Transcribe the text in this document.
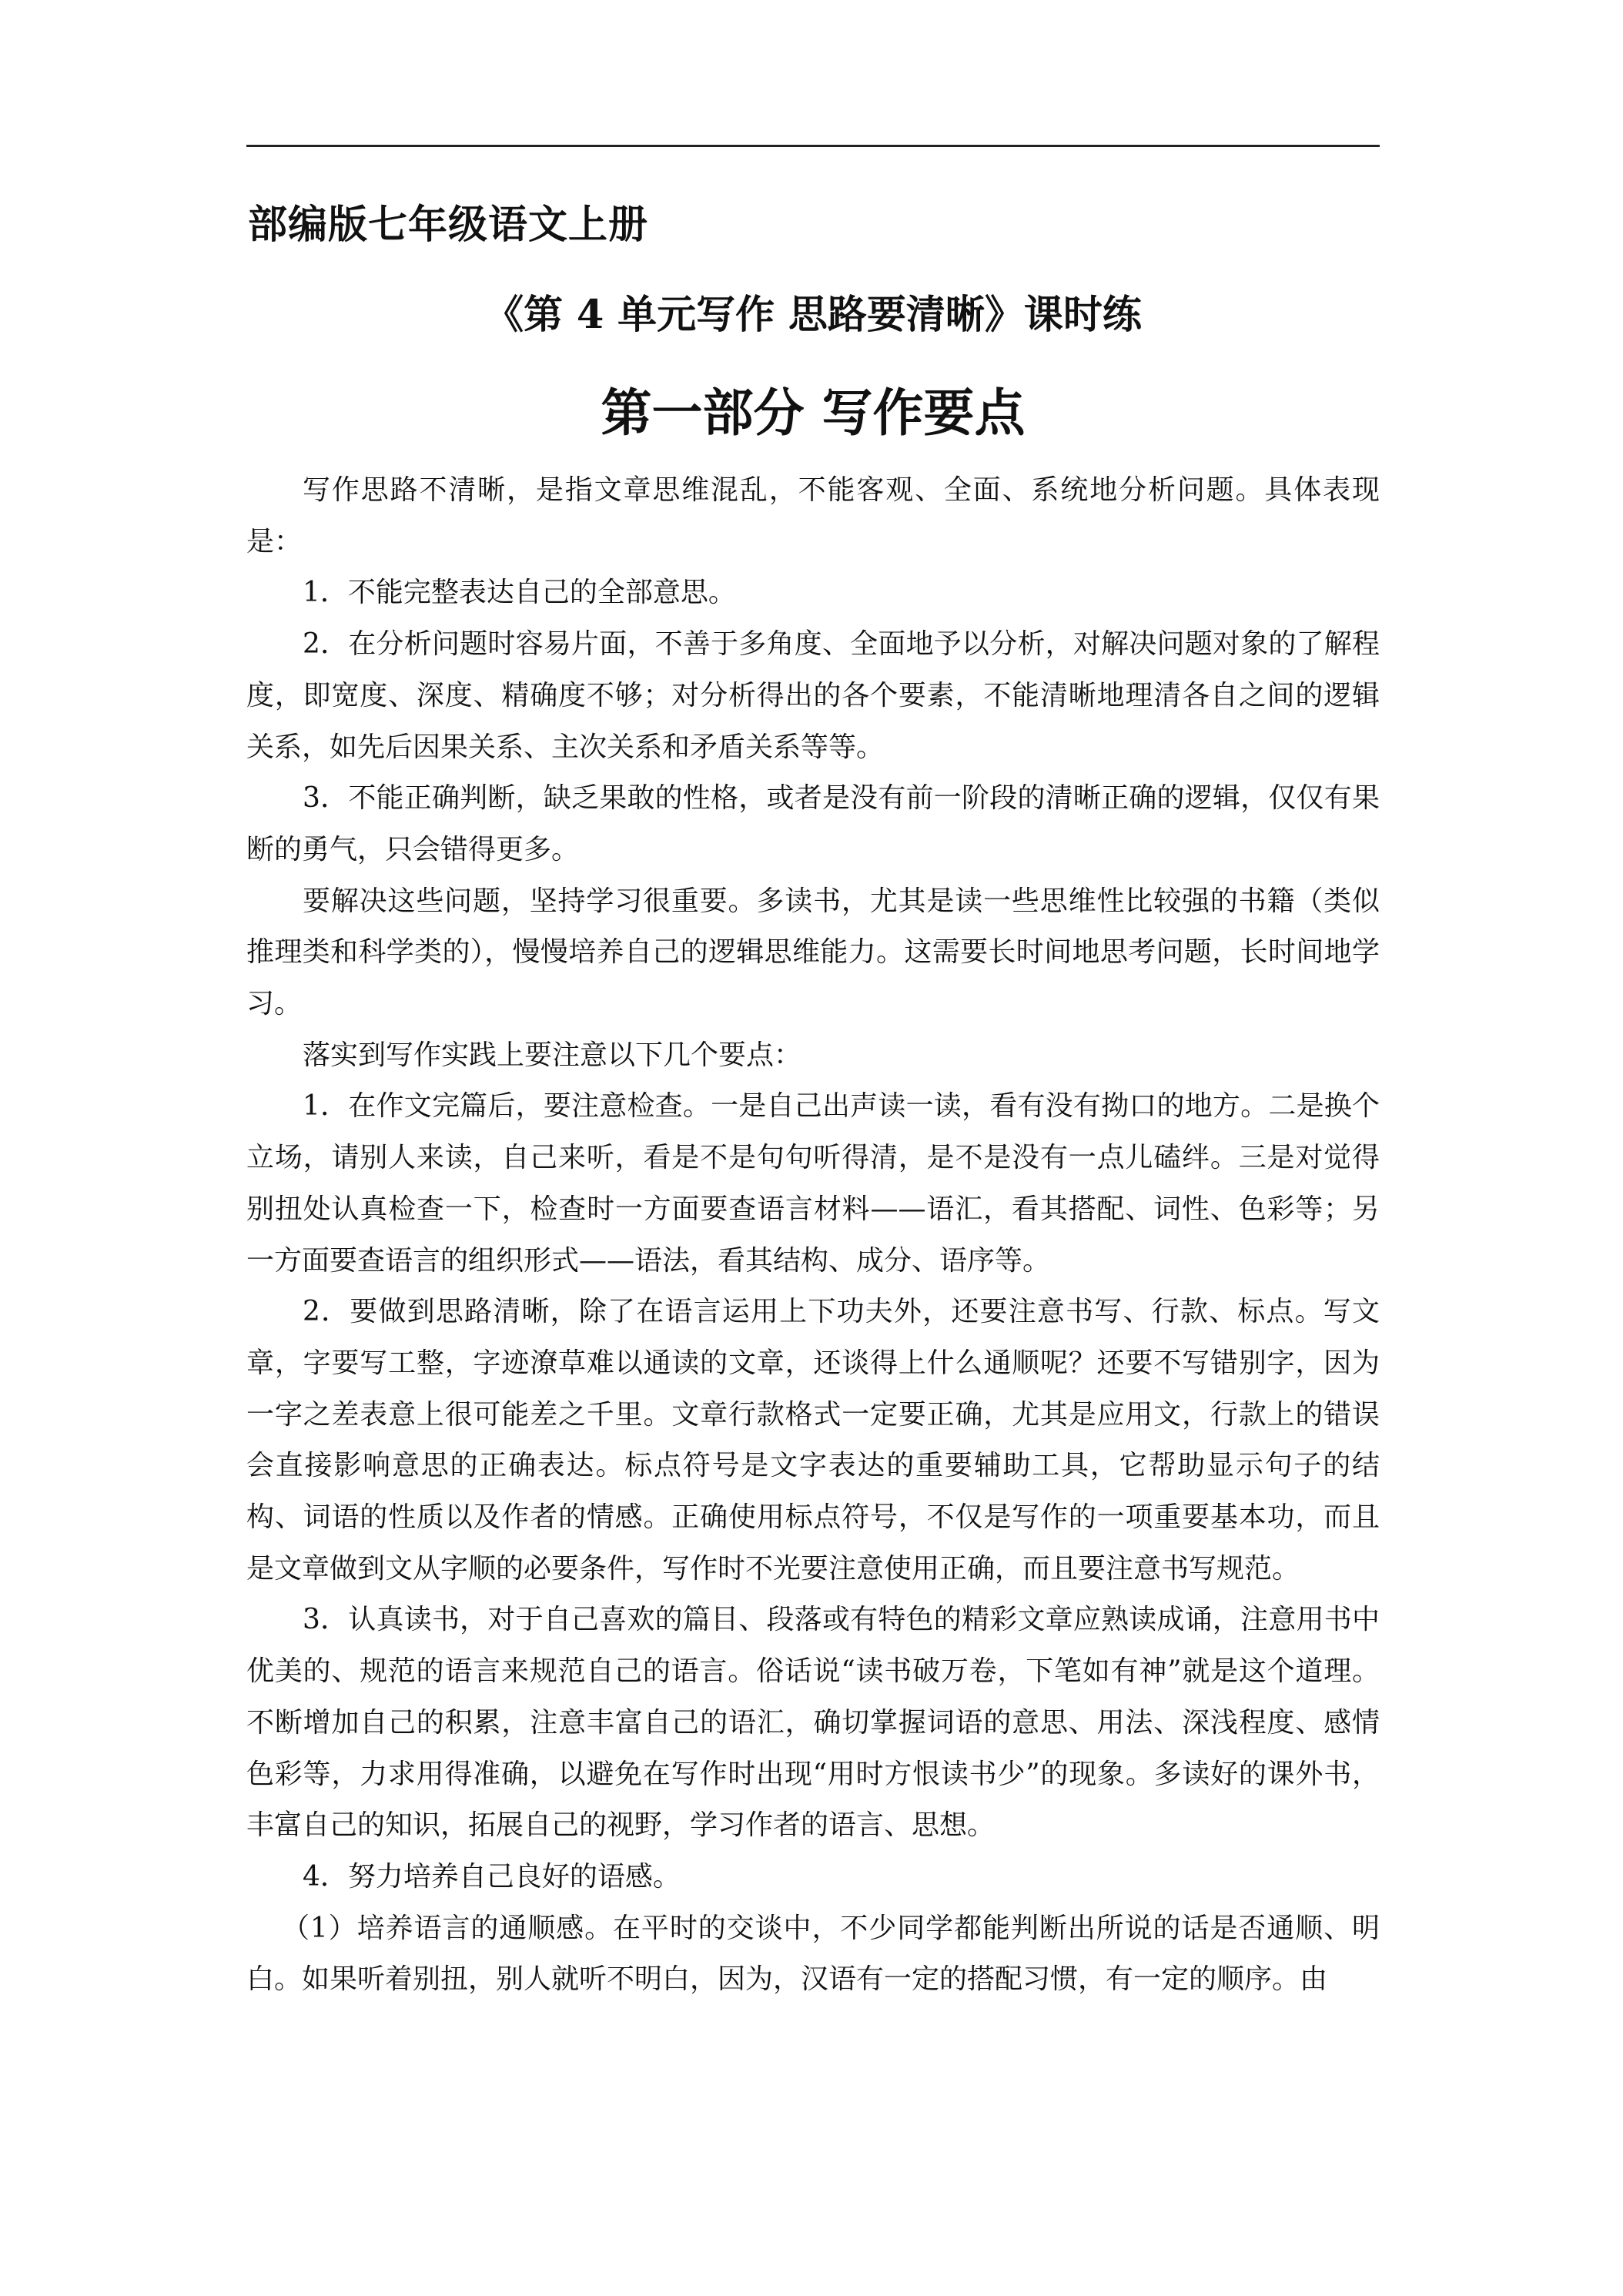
部编版七年级语文上册
《第 4 单元写作 思路要清晰》课时练
第一部分 写作要点

写作思路不清晰，是指文章思维混乱，不能客观、全面、系统地分析问题。具体表现是：

1．不能完整表达自己的全部意思。

2．在分析问题时容易片面，不善于多角度、全面地予以分析，对解决问题对象的了解程度，即宽度、深度、精确度不够；对分析得出的各个要素，不能清晰地理清各自之间的逻辑关系，如先后因果关系、主次关系和矛盾关系等等。

3．不能正确判断，缺乏果敢的性格，或者是没有前一阶段的清晰正确的逻辑，仅仅有果断的勇气，只会错得更多。

要解决这些问题，坚持学习很重要。多读书，尤其是读一些思维性比较强的书籍（类似推理类和科学类的），慢慢培养自己的逻辑思维能力。这需要长时间地思考问题，长时间地学习。

落实到写作实践上要注意以下几个要点：

1．在作文完篇后，要注意检查。一是自己出声读一读，看有没有拗口的地方。二是换个立场，请别人来读，自己来听，看是不是句句听得清，是不是没有一点儿磕绊。三是对觉得别扭处认真检查一下，检查时一方面要查语言材料——语汇，看其搭配、词性、色彩等；另一方面要查语言的组织形式——语法，看其结构、成分、语序等。

2．要做到思路清晰，除了在语言运用上下功夫外，还要注意书写、行款、标点。写文章，字要写工整，字迹潦草难以通读的文章，还谈得上什么通顺呢？还要不写错别字，因为一字之差表意上很可能差之千里。文章行款格式一定要正确，尤其是应用文，行款上的错误会直接影响意思的正确表达。标点符号是文字表达的重要辅助工具，它帮助显示句子的结构、词语的性质以及作者的情感。正确使用标点符号，不仅是写作的一项重要基本功，而且是文章做到文从字顺的必要条件，写作时不光要注意使用正确，而且要注意书写规范。

3．认真读书，对于自己喜欢的篇目、段落或有特色的精彩文章应熟读成诵，注意用书中优美的、规范的语言来规范自己的语言。俗话说“读书破万卷，下笔如有神”就是这个道理。不断增加自己的积累，注意丰富自己的语汇，确切掌握词语的意思、用法、深浅程度、感情色彩等，力求用得准确，以避免在写作时出现“用时方恨读书少”的现象。多读好的课外书，丰富自己的知识，拓展自己的视野，学习作者的语言、思想。

4．努力培养自己良好的语感。

（1）培养语言的通顺感。在平时的交谈中，不少同学都能判断出所说的话是否通顺、明白。如果听着别扭，别人就听不明白，因为，汉语有一定的搭配习惯，有一定的顺序。由
